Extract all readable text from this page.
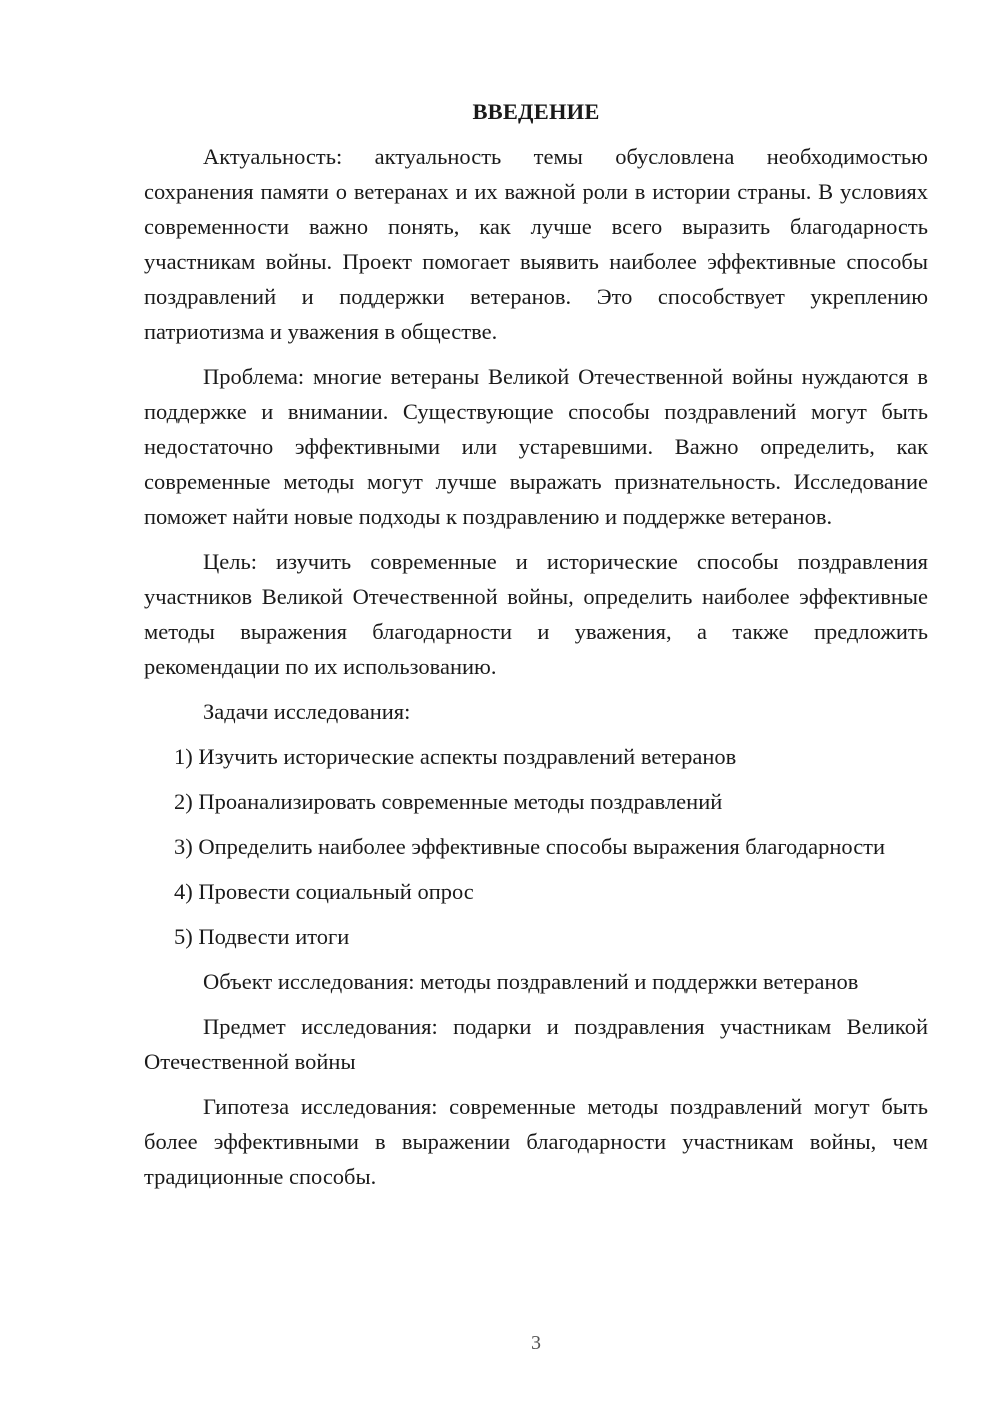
ВВЕДЕНИЕ

Актуальность: актуальность темы обусловлена необходимостью сохранения памяти о ветеранах и их важной роли в истории страны. В условиях современности важно понять, как лучше всего выразить благодарность участникам войны. Проект помогает выявить наиболее эффективные способы поздравлений и поддержки ветеранов. Это способствует укреплению патриотизма и уважения в обществе.

Проблема: многие ветераны Великой Отечественной войны нуждаются в поддержке и внимании. Существующие способы поздравлений могут быть недостаточно эффективными или устаревшими. Важно определить, как современные методы могут лучше выражать признательность. Исследование поможет найти новые подходы к поздравлению и поддержке ветеранов.

Цель: изучить современные и исторические способы поздравления участников Великой Отечественной войны, определить наиболее эффективные методы выражения благодарности и уважения, а также предложить рекомендации по их использованию.

Задачи исследования:

1) Изучить исторические аспекты поздравлений ветеранов

2) Проанализировать современные методы поздравлений

3) Определить наиболее эффективные способы выражения благодарности

4) Провести социальный опрос

5) Подвести итоги

Объект исследования: методы поздравлений и поддержки ветеранов

Предмет исследования: подарки и поздравления участникам Великой Отечественной войны

Гипотеза исследования: современные методы поздравлений могут быть более эффективными в выражении благодарности участникам войны, чем традиционные способы.

3
